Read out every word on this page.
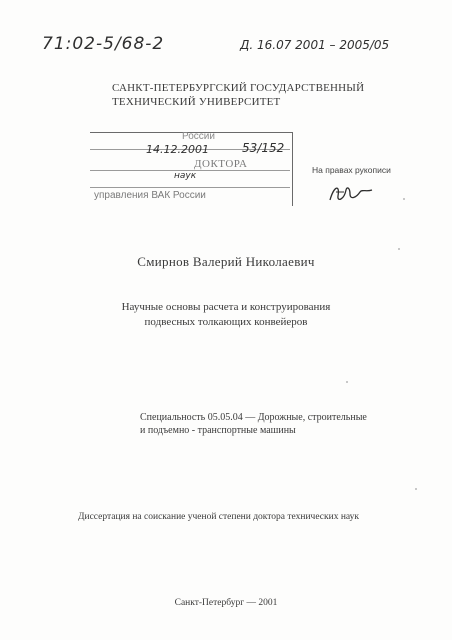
71:02-5/68-2	Д. 16.07 2001 – 2005/05
САНКТ-ПЕТЕРБУРГСКИЙ ГОСУДАРСТВЕННЫЙ
ТЕХНИЧЕСКИЙ УНИВЕРСИТЕТ
России
14.12.2001	53/152
ДОКТОРА
наук
управления ВАК России
На правах рукописи
Смирнов Валерий Николаевич
Научные основы расчета и конструирования
подвесных толкающих конвейеров
Специальность 05.05.04 — Дорожные, строительные
и подъемно - транспортные машины
Диссертация на соискание ученой степени доктора технических наук
Санкт-Петербург — 2001
